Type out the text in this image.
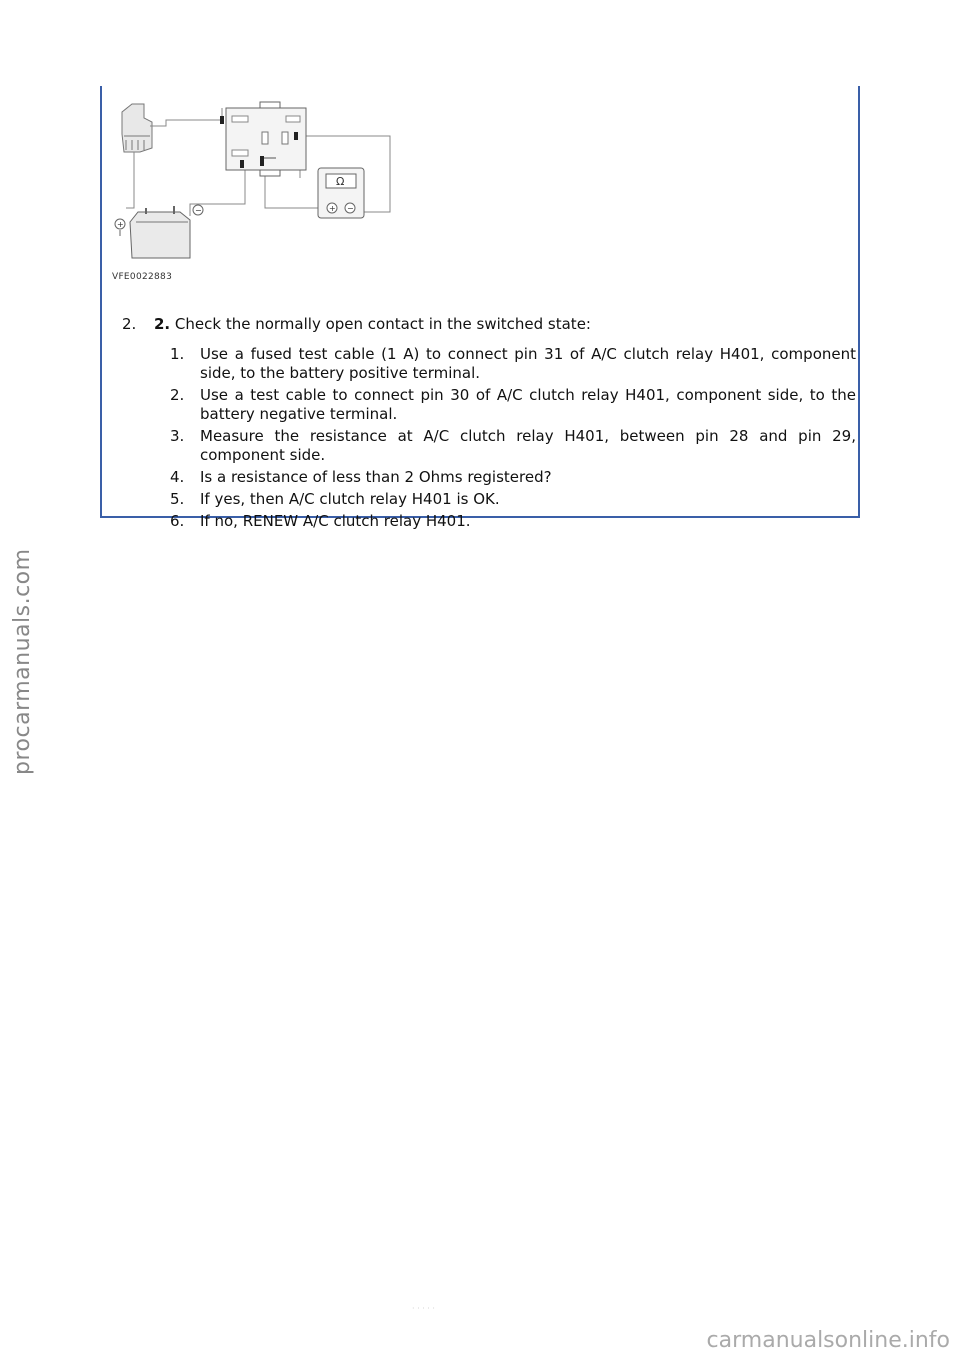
Ω
+ −
+
−
VFE0022883
2. 2. Check the normally open contact in the switched state:
1.	Use a fused test cable (1 A) to connect pin 31 of A/C clutch relay H401, component side, to the battery positive terminal.
2.	Use a test cable to connect pin 30 of A/C clutch relay H401, component side, to the battery negative terminal.
3.	Measure the resistance at A/C clutch relay H401, between pin 28 and pin 29, component side.
4.	Is a resistance of less than 2 Ohms registered?
5.	If yes, then A/C clutch relay H401 is OK.
6.	If no, RENEW A/C clutch relay H401.
procarmanuals.com
· · · · ·
carmanualsonline.info
